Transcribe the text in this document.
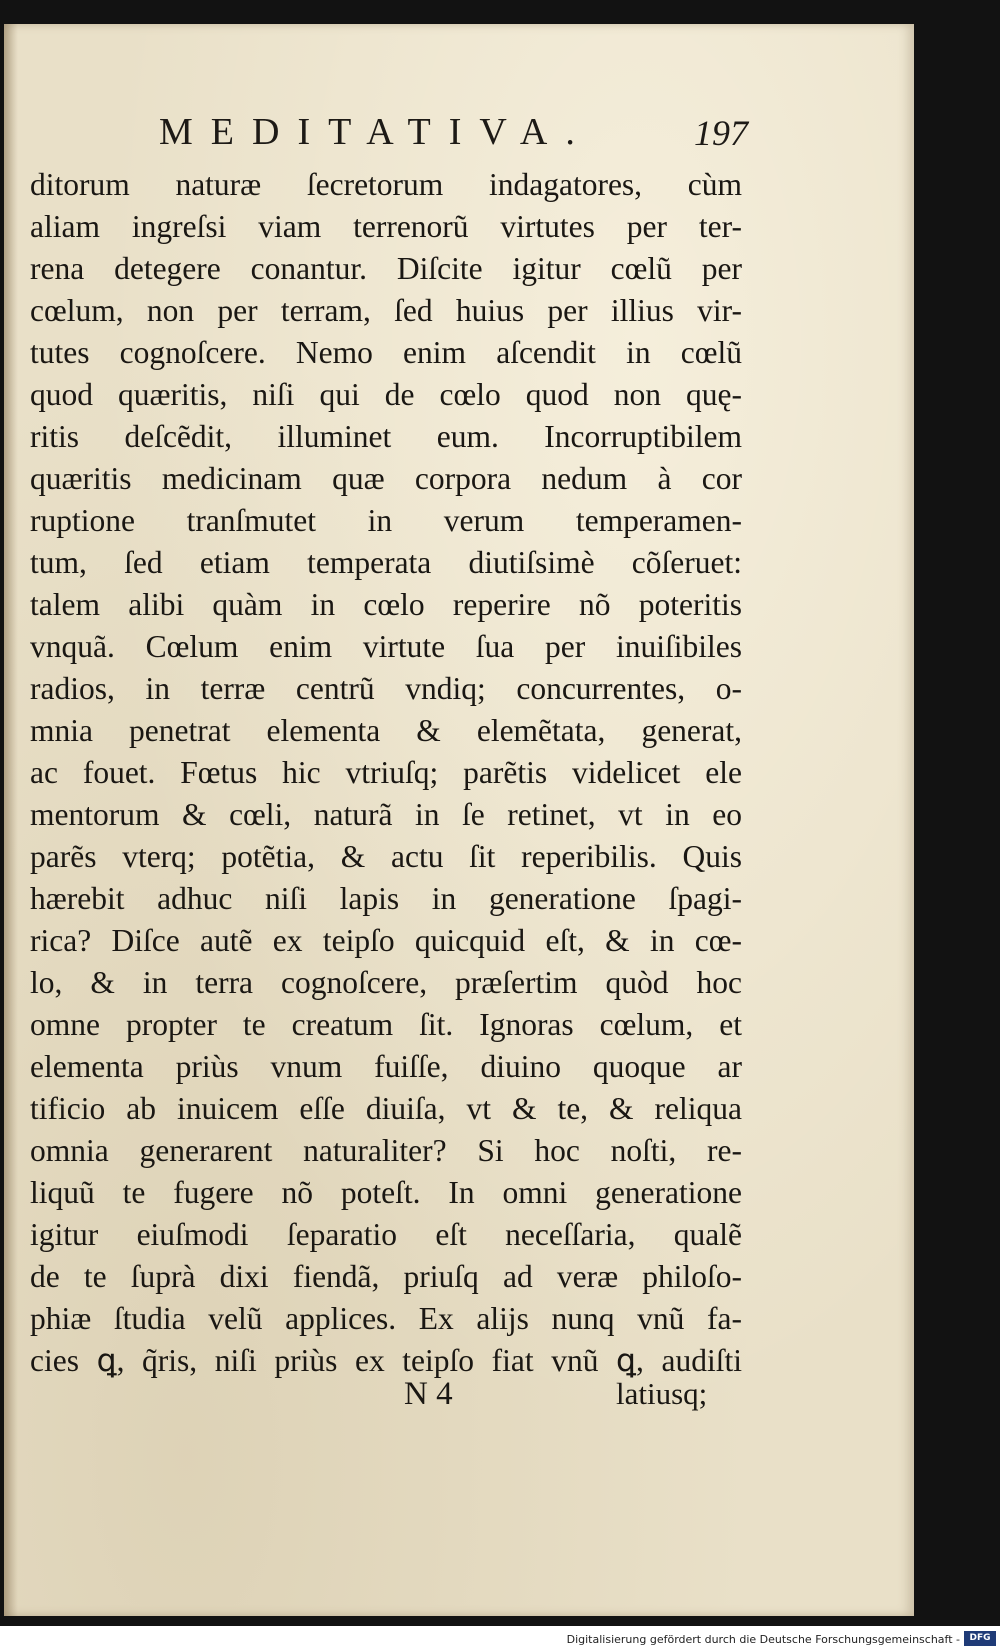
MEDITATIVA.	197
ditorum naturæ ſecretorum indagatores, cùm
aliam ingreſsi viam terrenorũ virtutes per ter-
rena detegere conantur. Diſcite igitur cœlũ per
cœlum, non per terram, ſed huius per illius vir-
tutes cognoſcere. Nemo enim aſcendit in cœlũ
quod quæritis, niſi qui de cœlo quod non quę-
ritis deſcẽdit, illuminet eum. Incorruptibilem
quæritis medicinam quæ corpora nedum à cor
ruptione tranſmutet in verum temperamen-
tum, ſed etiam temperata diutiſsimè cõſeruet:
talem alibi quàm in cœlo reperire nõ poteritis
vnquã. Cœlum enim virtute ſua per inuiſibiles
radios, in terræ centrũ vndiq; concurrentes, o-
mnia penetrat elementa & elemẽtata, generat,
ac fouet. Fœtus hic vtriuſq; parẽtis videlicet ele
mentorum & cœli, naturã in ſe retinet, vt in eo
parẽs vterq; potẽtia, & actu ſit reperibilis. Quis
hærebit adhuc niſi lapis in generatione ſpagi-
rica? Diſce autẽ ex teipſo quicquid eſt, & in cœ-
lo, & in terra cognoſcere, præſertim quòd hoc
omne propter te creatum ſit. Ignoras cœlum, et
elementa priùs vnum fuiſſe, diuino quoque ar
tificio ab inuicem eſſe diuiſa, vt & te, & reliqua
omnia generarent naturaliter? Si hoc noſti, re-
liquũ te fugere nõ poteſt. In omni generatione
igitur eiuſmodi ſeparatio eſt neceſſaria, qualẽ
de te ſuprà dixi fiendã, priuſq ad veræ philoſo-
phiæ ſtudia velũ applices. Ex alijs nunq vnũ fa-
cies ꝗ, q̃ris, niſi priùs ex teipſo fiat vnũ ꝗ, audiſti
N 4	latiusq;
Digitalisierung gefördert durch die Deutsche Forschungsgemeinschaft -	DFG
